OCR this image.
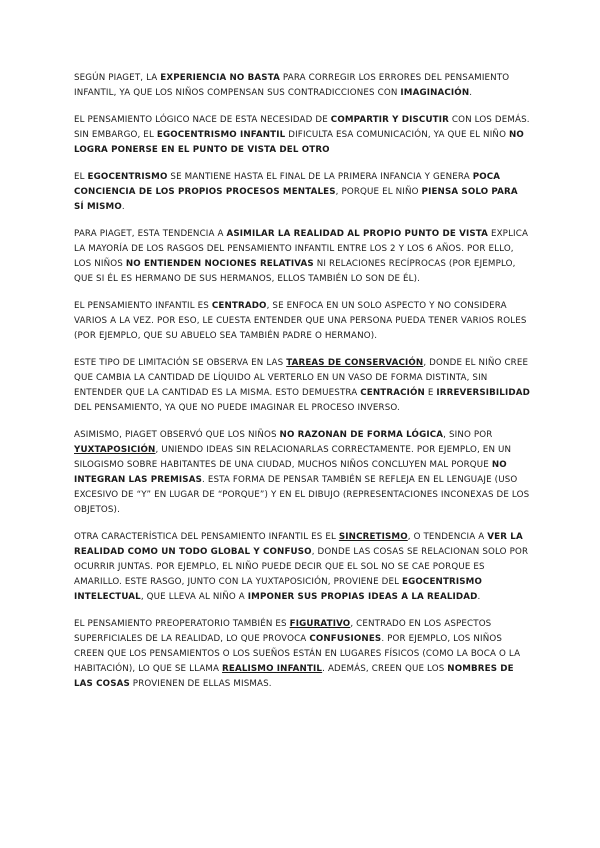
SEGÚN PIAGET, LA EXPERIENCIA NO BASTA PARA CORREGIR LOS ERRORES DEL PENSAMIENTO INFANTIL, YA QUE LOS NIÑOS COMPENSAN SUS CONTRADICCIONES CON IMAGINACIÓN.

EL PENSAMIENTO LÓGICO NACE DE ESTA NECESIDAD DE COMPARTIR Y DISCUTIR CON LOS DEMÁS. SIN EMBARGO, EL EGOCENTRISMO INFANTIL DIFICULTA ESA COMUNICACIÓN, YA QUE EL NIÑO NO LOGRA PONERSE EN EL PUNTO DE VISTA DEL OTRO

EL EGOCENTRISMO SE MANTIENE HASTA EL FINAL DE LA PRIMERA INFANCIA Y GENERA POCA CONCIENCIA DE LOS PROPIOS PROCESOS MENTALES, PORQUE EL NIÑO PIENSA SOLO PARA SÍ MISMO.

PARA PIAGET, ESTA TENDENCIA A ASIMILAR LA REALIDAD AL PROPIO PUNTO DE VISTA EXPLICA LA MAYORÍA DE LOS RASGOS DEL PENSAMIENTO INFANTIL ENTRE LOS 2 Y LOS 6 AÑOS. POR ELLO, LOS NIÑOS NO ENTIENDEN NOCIONES RELATIVAS NI RELACIONES RECÍPROCAS (POR EJEMPLO, QUE SI ÉL ES HERMANO DE SUS HERMANOS, ELLOS TAMBIÉN LO SON DE ÉL).

EL PENSAMIENTO INFANTIL ES CENTRADO, SE ENFOCA EN UN SOLO ASPECTO Y NO CONSIDERA VARIOS A LA VEZ. POR ESO, LE CUESTA ENTENDER QUE UNA PERSONA PUEDA TENER VARIOS ROLES (POR EJEMPLO, QUE SU ABUELO SEA TAMBIÉN PADRE O HERMANO).

ESTE TIPO DE LIMITACIÓN SE OBSERVA EN LAS TAREAS DE CONSERVACIÓN, DONDE EL NIÑO CREE QUE CAMBIA LA CANTIDAD DE LÍQUIDO AL VERTERLO EN UN VASO DE FORMA DISTINTA, SIN ENTENDER QUE LA CANTIDAD ES LA MISMA. ESTO DEMUESTRA CENTRACIÓN E IRREVERSIBILIDAD DEL PENSAMIENTO, YA QUE NO PUEDE IMAGINAR EL PROCESO INVERSO.

ASIMISMO, PIAGET OBSERVÓ QUE LOS NIÑOS NO RAZONAN DE FORMA LÓGICA, SINO POR YUXTAPOSICIÓN, UNIENDO IDEAS SIN RELACIONARLAS CORRECTAMENTE. POR EJEMPLO, EN UN SILOGISMO SOBRE HABITANTES DE UNA CIUDAD, MUCHOS NIÑOS CONCLUYEN MAL PORQUE NO INTEGRAN LAS PREMISAS. ESTA FORMA DE PENSAR TAMBIÉN SE REFLEJA EN EL LENGUAJE (USO EXCESIVO DE “Y” EN LUGAR DE “PORQUE”) Y EN EL DIBUJO (REPRESENTACIONES INCONEXAS DE LOS OBJETOS).

OTRA CARACTERÍSTICA DEL PENSAMIENTO INFANTIL ES EL SINCRETISMO, O TENDENCIA A VER LA REALIDAD COMO UN TODO GLOBAL Y CONFUSO, DONDE LAS COSAS SE RELACIONAN SOLO POR OCURRIR JUNTAS. POR EJEMPLO, EL NIÑO PUEDE DECIR QUE EL SOL NO SE CAE PORQUE ES AMARILLO. ESTE RASGO, JUNTO CON LA YUXTAPOSICIÓN, PROVIENE DEL EGOCENTRISMO INTELECTUAL, QUE LLEVA AL NIÑO A IMPONER SUS PROPIAS IDEAS A LA REALIDAD.

EL PENSAMIENTO PREOPERATORIO TAMBIÉN ES FIGURATIVO, CENTRADO EN LOS ASPECTOS SUPERFICIALES DE LA REALIDAD, LO QUE PROVOCA CONFUSIONES. POR EJEMPLO, LOS NIÑOS CREEN QUE LOS PENSAMIENTOS O LOS SUEÑOS ESTÁN EN LUGARES FÍSICOS (COMO LA BOCA O LA HABITACIÓN), LO QUE SE LLAMA REALISMO INFANTIL. ADEMÁS, CREEN QUE LOS NOMBRES DE LAS COSAS PROVIENEN DE ELLAS MISMAS.
